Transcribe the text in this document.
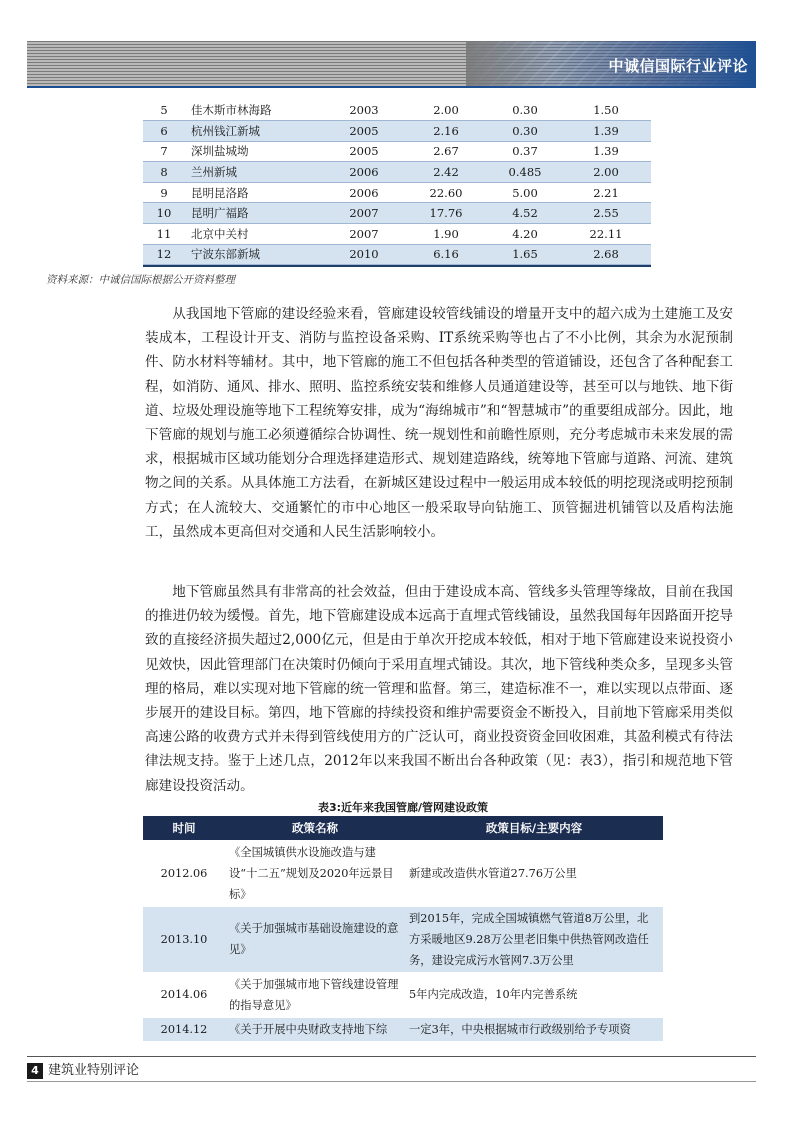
中诚信国际行业评论
5	佳木斯市林海路	2003	2.00	0.30	1.50
6	杭州钱江新城	2005	2.16	0.30	1.39
7	深圳盐城坳	2005	2.67	0.37	1.39
8	兰州新城	2006	2.42	0.485	2.00
9	昆明昆洛路	2006	22.60	5.00	2.21
10	昆明广福路	2007	17.76	4.52	2.55
11	北京中关村	2007	1.90	4.20	22.11
12	宁波东部新城	2010	6.16	1.65	2.68
资料来源：中诚信国际根据公开资料整理

从我国地下管廊的建设经验来看，管廊建设较管线铺设的增量开支中的超六成为土建施工及安装成本，工程设计开支、消防与监控设备采购、IT系统采购等也占了不小比例，其余为水泥预制件、防水材料等辅材。其中，地下管廊的施工不但包括各种类型的管道铺设，还包含了各种配套工程，如消防、通风、排水、照明、监控系统安装和维修人员通道建设等，甚至可以与地铁、地下街道、垃圾处理设施等地下工程统筹安排，成为“海绵城市”和“智慧城市”的重要组成部分。因此，地下管廊的规划与施工必须遵循综合协调性、统一规划性和前瞻性原则，充分考虑城市未来发展的需求，根据城市区域功能划分合理选择建造形式、规划建造路线，统筹地下管廊与道路、河流、建筑物之间的关系。从具体施工方法看，在新城区建设过程中一般运用成本较低的明挖现浇或明挖预制方式；在人流较大、交通繁忙的市中心地区一般采取导向钻施工、顶管掘进机铺管以及盾构法施工，虽然成本更高但对交通和人民生活影响较小。

地下管廊虽然具有非常高的社会效益，但由于建设成本高、管线多头管理等缘故，目前在我国的推进仍较为缓慢。首先，地下管廊建设成本远高于直埋式管线铺设，虽然我国每年因路面开挖导致的直接经济损失超过2,000亿元，但是由于单次开挖成本较低，相对于地下管廊建设来说投资小见效快，因此管理部门在决策时仍倾向于采用直埋式铺设。其次，地下管线种类众多，呈现多头管理的格局，难以实现对地下管廊的统一管理和监督。第三，建造标准不一，难以实现以点带面、逐步展开的建设目标。第四，地下管廊的持续投资和维护需要资金不断投入，目前地下管廊采用类似高速公路的收费方式并未得到管线使用方的广泛认可，商业投资资金回收困难，其盈利模式有待法律法规支持。鉴于上述几点，2012年以来我国不断出台各种政策（见：表3），指引和规范地下管廊建设投资活动。

表3:近年来我国管廊/管网建设政策
时间	政策名称	政策目标/主要内容
2012.06	《全国城镇供水设施改造与建设“十二五”规划及2020年远景目标》	新建或改造供水管道27.76万公里
2013.10	《关于加强城市基础设施建设的意见》	到2015年，完成全国城镇燃气管道8万公里，北方采暖地区9.28万公里老旧集中供热管网改造任务，建设完成污水管网7.3万公里
2014.06	《关于加强城市地下管线建设管理的指导意见》	5年内完成改造，10年内完善系统
2014.12	《关于开展中央财政支持地下综	一定3年，中央根据城市行政级别给予专项资
4 建筑业特别评论
